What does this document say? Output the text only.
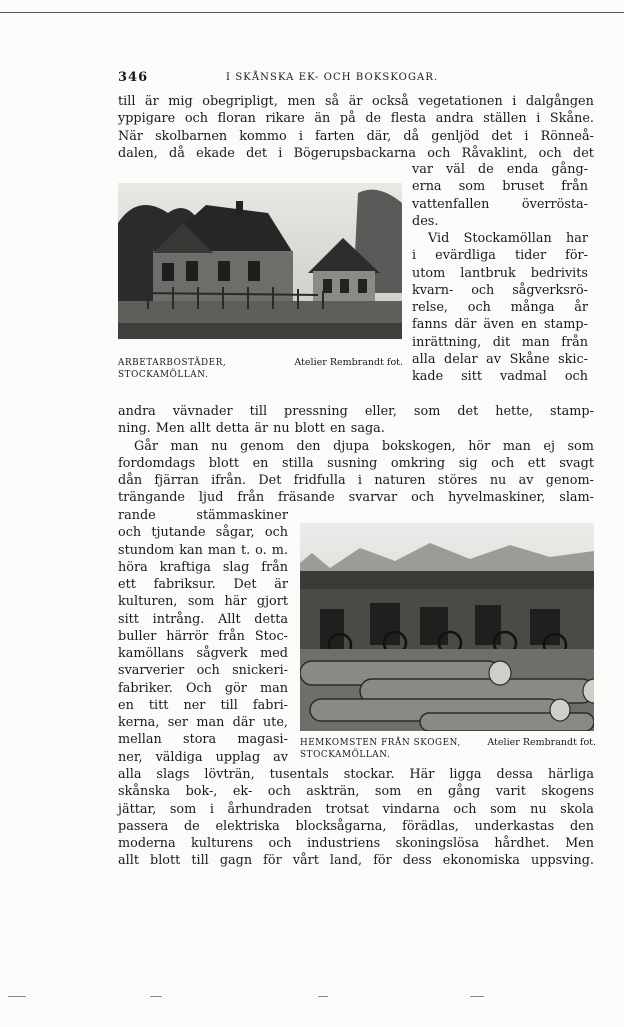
346	I SKÅNSKA EK- OCH BOKSKOGAR.
till är mig obegripligt, men så är också vegetationen i dalgången
yppigare och floran rikare än på de flesta andra ställen i Skåne.
När skolbarnen kommo i farten där, då genljöd det i Rönneå-
dalen, då ekade det i Bögerupsbackarna och Råvaklint, och det
ARBETARBOSTÄDER,	Atelier Rembrandt fot.
STOCKAMÖLLAN.
var väl de enda gång-
erna som bruset från
vattenfallen	överrösta-
des.
Vid Stockamöllan har
i evärdliga tider för-
utom lantbruk bedrivits
kvarn- och sågverksrö-
relse, och många år
fanns där även en stamp-
inrättning, dit man från
alla delar av Skåne skic-
kade sitt vadmal och
andra vävnader till pressning eller, som det hette, stamp-
ning. Men allt detta är nu blott en saga.
Går man nu genom den djupa bokskogen, hör man ej som
fordomdags blott en stilla susning omkring sig och ett svagt
dån fjärran ifrån. Det fridfulla i naturen störes nu av genom-
trängande ljud från fräsande svarvar och hyvelmaskiner, slam-
rande	stämmaskiner
och tjutande sågar, och
stundom kan man t. o. m.
höra kraftiga slag från
ett fabriksur. Det är
kulturen, som här gjort
sitt intrång. Allt detta
buller härrör från Stoc-
kamöllans sågverk med
svarverier och snickeri-
fabriker. Och gör man
en titt ner till fabri-
kerna, ser man där ute,
mellan stora magasi-
ner, väldiga upplag av
HEMKOMSTEN FRÅN SKOGEN,	Atelier Rembrandt fot.
STOCKAMÖLLAN.
alla slags lövträn, tusentals stockar. Här ligga dessa härliga
skånska bok-, ek- och askträn, som en gång varit skogens
jättar, som i århundraden trotsat vindarna och som nu skola
passera de elektriska blocksågarna, förädlas, underkastas den
moderna kulturens och industriens skoningslösa hårdhet. Men
allt blott till gagn för vårt land, för dess ekonomiska uppsving.
